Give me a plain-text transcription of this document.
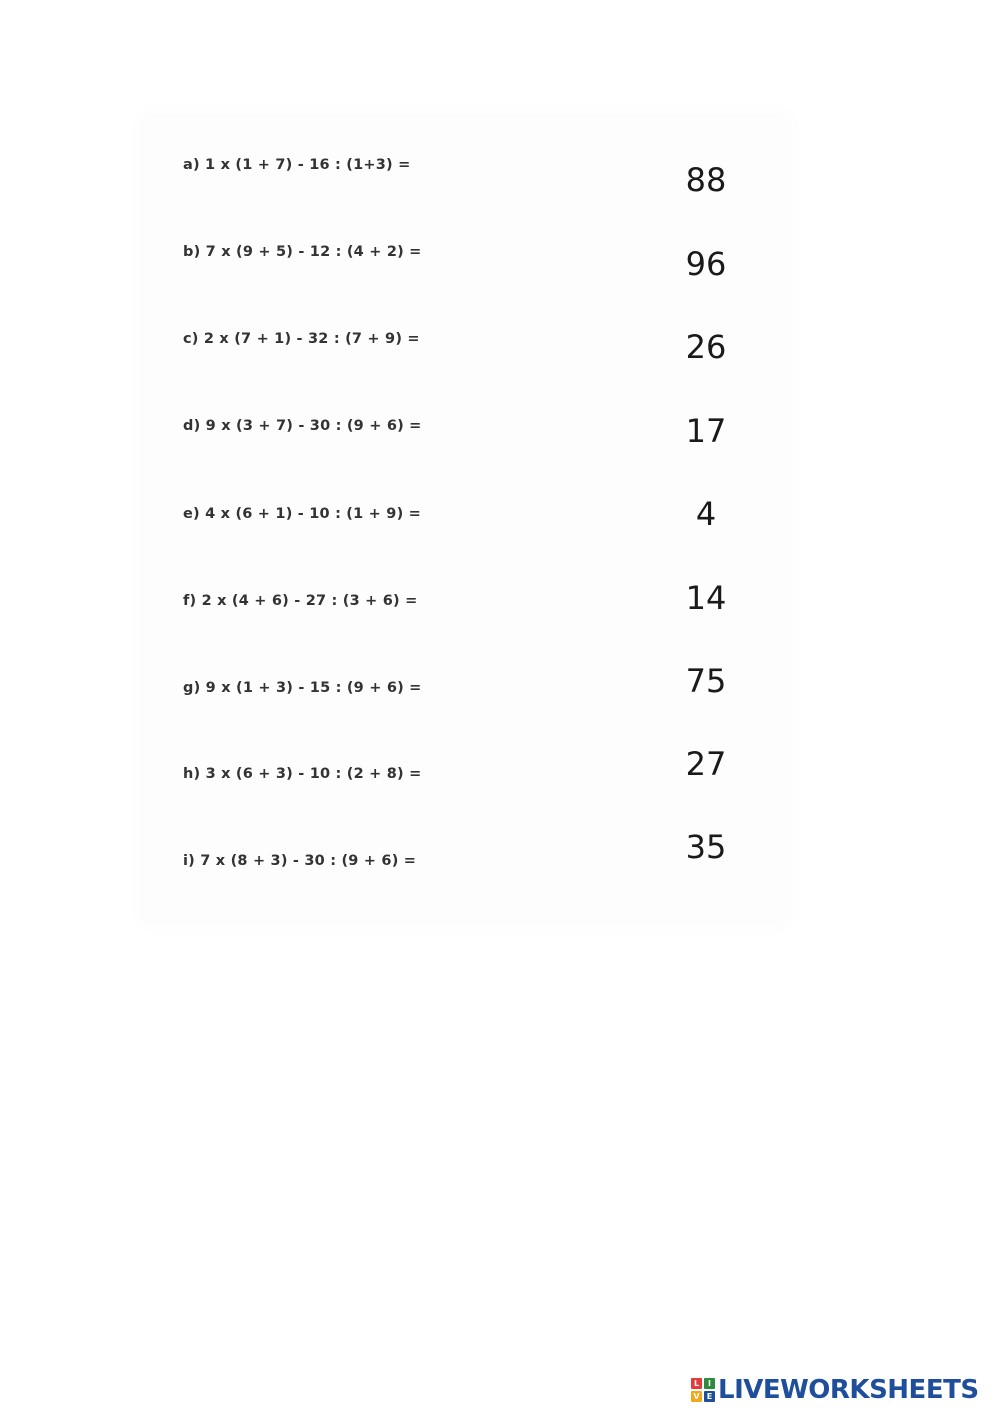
a) 1 x (1 + 7) - 16 : (1+3) =	88
b) 7 x (9 + 5) - 12 : (4 + 2) =	96
c) 2 x (7 + 1) - 32 : (7 + 9) =	26
d) 9 x (3 + 7) - 30 : (9 + 6) =	17
e) 4 x (6 + 1) - 10 : (1 + 9) =	4
f) 2 x (4 + 6) - 27 : (3 + 6) =	14
g) 9 x (1 + 3) - 15 : (9 + 6) =	75
h) 3 x (6 + 3) - 10 : (2 + 8) =	27
i) 7 x (8 + 3) - 30 : (9 + 6) =	35
L	I
V E LIVEWORKSHEETS
